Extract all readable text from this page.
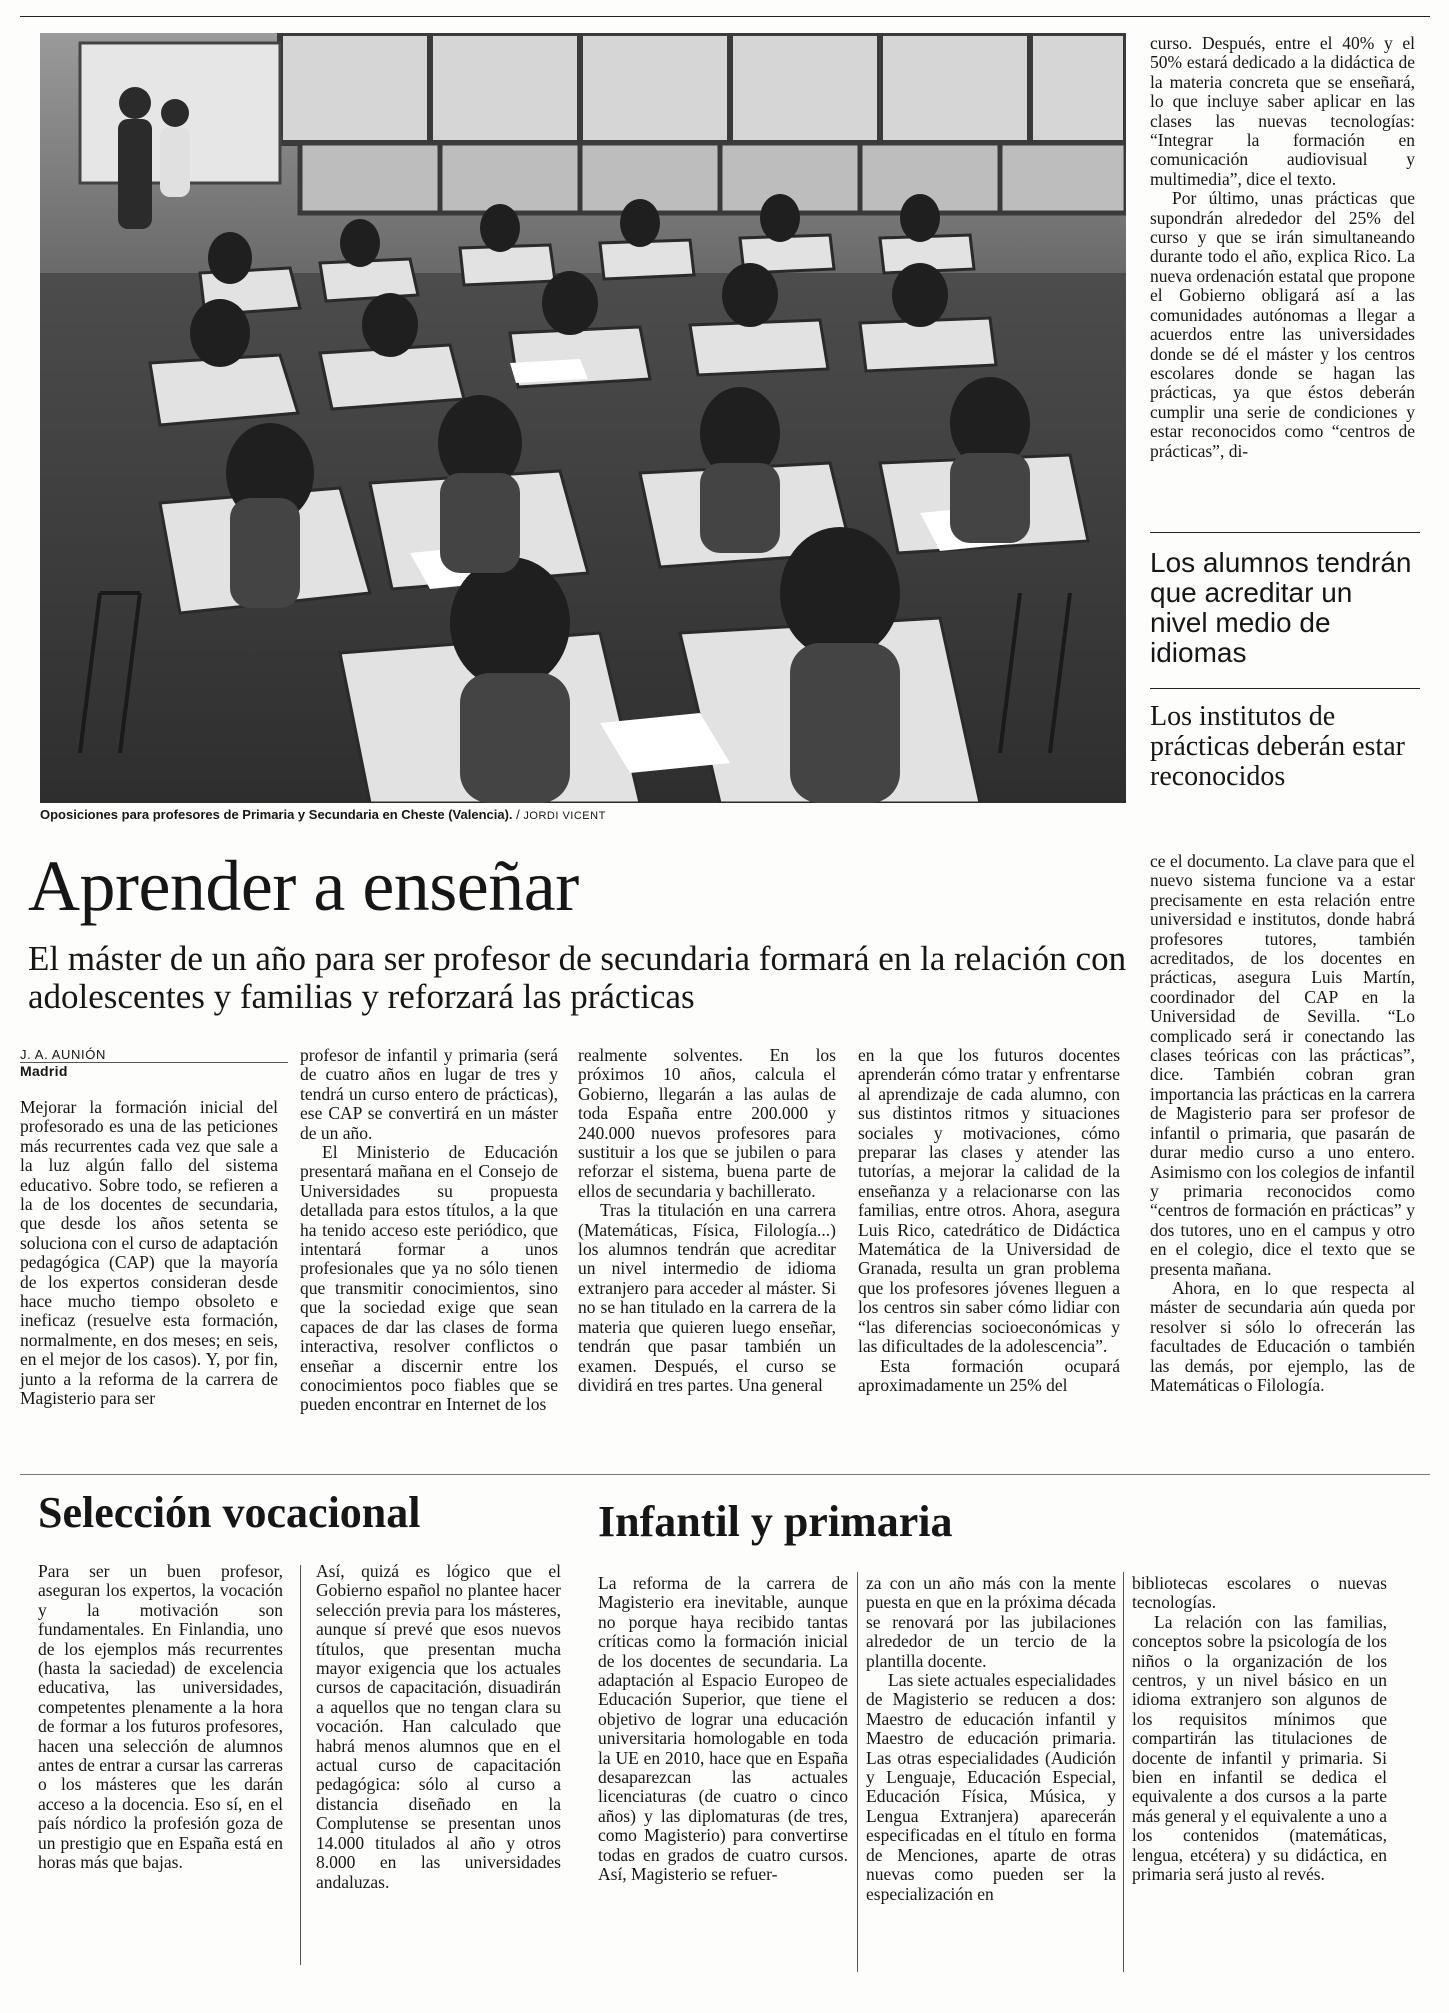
Oposiciones para profesores de Primaria y Secundaria en Cheste (Valencia). / JORDI VICENT

curso. Después, entre el 40% y el 50% estará dedicado a la didáctica de la materia concreta que se enseñará, lo que incluye saber aplicar en las clases las nuevas tecnologías: “Integrar la formación en comunicación audiovisual y multimedia”, dice el texto.

Por último, unas prácticas que supondrán alrededor del 25% del curso y que se irán simultaneando durante todo el año, explica Rico. La nueva ordenación estatal que propone el Gobierno obligará así a las comunidades autónomas a llegar a acuerdos entre las universidades donde se dé el máster y los centros escolares donde se hagan las prácticas, ya que éstos deberán cumplir una serie de condiciones y estar reconocidos como “centros de prácticas”, di-

Los alumnos tendrán que acreditar un nivel medio de idiomas
Los institutos de prácticas deberán estar reconocidos

ce el documento. La clave para que el nuevo sistema funcione va a estar precisamente en esta relación entre universidad e institutos, donde habrá profesores tutores, también acreditados, de los docentes en prácticas, asegura Luis Martín, coordinador del CAP en la Universidad de Sevilla. “Lo complicado será ir conectando las clases teóricas con las prácticas”, dice. También cobran gran importancia las prácticas en la carrera de Magisterio para ser profesor de infantil o primaria, que pasarán de durar medio curso a uno entero. Asimismo con los colegios de infantil y primaria reconocidos como “centros de formación en prácticas” y dos tutores, uno en el campus y otro en el colegio, dice el texto que se presenta mañana.

Ahora, en lo que respecta al máster de secundaria aún queda por resolver si sólo lo ofrecerán las facultades de Educación o también las demás, por ejemplo, las de Matemáticas o Filología.

Aprender a enseñar
El máster de un año para ser profesor de secundaria formará en la relación con adolescentes y familias y reforzará las prácticas
J. A. AUNIÓN
Madrid

Mejorar la formación inicial del profesorado es una de las peticiones más recurrentes cada vez que sale a la luz algún fallo del sistema educativo. Sobre todo, se refieren a la de los docentes de secundaria, que desde los años setenta se soluciona con el curso de adaptación pedagógica (CAP) que la mayoría de los expertos consideran desde hace mucho tiempo obsoleto e ineficaz (resuelve esta formación, normalmente, en dos meses; en seis, en el mejor de los casos). Y, por fin, junto a la reforma de la carrera de Magisterio para ser

profesor de infantil y primaria (será de cuatro años en lugar de tres y tendrá un curso entero de prácticas), ese CAP se convertirá en un máster de un año.

El Ministerio de Educación presentará mañana en el Consejo de Universidades su propuesta detallada para estos títulos, a la que ha tenido acceso este periódico, que intentará formar a unos profesionales que ya no sólo tienen que transmitir conocimientos, sino que la sociedad exige que sean capaces de dar las clases de forma interactiva, resolver conflictos o enseñar a discernir entre los conocimientos poco fiables que se pueden encontrar en Internet de los

realmente solventes. En los próximos 10 años, calcula el Gobierno, llegarán a las aulas de toda España entre 200.000 y 240.000 nuevos profesores para sustituir a los que se jubilen o para reforzar el sistema, buena parte de ellos de secundaria y bachillerato.

Tras la titulación en una carrera (Matemáticas, Física, Filología...) los alumnos tendrán que acreditar un nivel intermedio de idioma extranjero para acceder al máster. Si no se han titulado en la carrera de la materia que quieren luego enseñar, tendrán que pasar también un examen. Después, el curso se dividirá en tres partes. Una general

en la que los futuros docentes aprenderán cómo tratar y enfrentarse al aprendizaje de cada alumno, con sus distintos ritmos y situaciones sociales y motivaciones, cómo preparar las clases y atender las tutorías, a mejorar la calidad de la enseñanza y a relacionarse con las familias, entre otros. Ahora, asegura Luis Rico, catedrático de Didáctica Matemática de la Universidad de Granada, resulta un gran problema que los profesores jóvenes lleguen a los centros sin saber cómo lidiar con “las diferencias socioeconómicas y las dificultades de la adolescencia”.

Esta formación ocupará aproximadamente un 25% del

Selección vocacional

Para ser un buen profesor, aseguran los expertos, la vocación y la motivación son fundamentales. En Finlandia, uno de los ejemplos más recurrentes (hasta la saciedad) de excelencia educativa, las universidades, competentes plenamente a la hora de formar a los futuros profesores, hacen una selección de alumnos antes de entrar a cursar las carreras o los másteres que les darán acceso a la docencia. Eso sí, en el país nórdico la profesión goza de un prestigio que en España está en horas más que bajas.

Así, quizá es lógico que el Gobierno español no plantee hacer selección previa para los másteres, aunque sí prevé que esos nuevos títulos, que presentan mucha mayor exigencia que los actuales cursos de capacitación, disuadirán a aquellos que no tengan clara su vocación. Han calculado que habrá menos alumnos que en el actual curso de capacitación pedagógica: sólo al curso a distancia diseñado en la Complutense se presentan unos 14.000 titulados al año y otros 8.000 en las universidades andaluzas.

Infantil y primaria

La reforma de la carrera de Magisterio era inevitable, aunque no porque haya recibido tantas críticas como la formación inicial de los docentes de secundaria. La adaptación al Espacio Europeo de Educación Superior, que tiene el objetivo de lograr una educación universitaria homologable en toda la UE en 2010, hace que en España desaparezcan las actuales licenciaturas (de cuatro o cinco años) y las diplomaturas (de tres, como Magisterio) para convertirse todas en grados de cuatro cursos. Así, Magisterio se refuer-

za con un año más con la mente puesta en que en la próxima década se renovará por las jubilaciones alrededor de un tercio de la plantilla docente.

Las siete actuales especialidades de Magisterio se reducen a dos: Maestro de educación infantil y Maestro de educación primaria. Las otras especialidades (Audición y Lenguaje, Educación Especial, Educación Física, Música, y Lengua Extranjera) aparecerán especificadas en el título en forma de Menciones, aparte de otras nuevas como pueden ser la especialización en

bibliotecas escolares o nuevas tecnologías.

La relación con las familias, conceptos sobre la psicología de los niños o la organización de los centros, y un nivel básico en un idioma extranjero son algunos de los requisitos mínimos que compartirán las titulaciones de docente de infantil y primaria. Si bien en infantil se dedica el equivalente a dos cursos a la parte más general y el equivalente a uno a los contenidos (matemáticas, lengua, etcétera) y su didáctica, en primaria será justo al revés.
